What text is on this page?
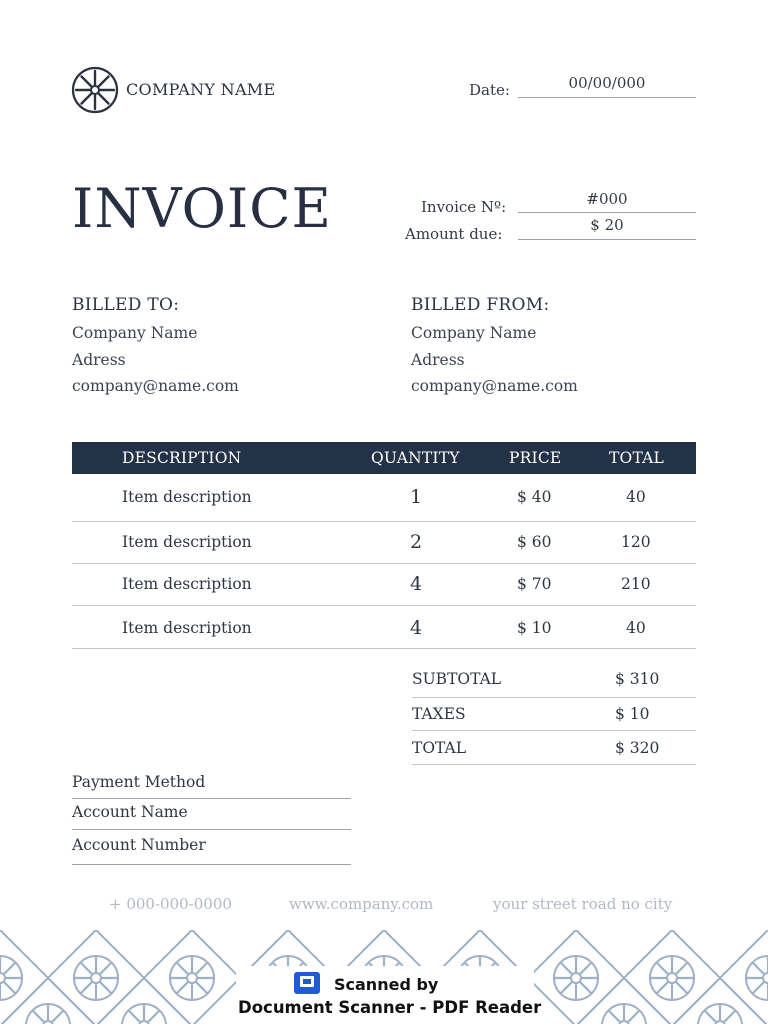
COMPANY NAME	Date:	00/00/000
INVOICE	Invoice Nº:	#000
Amount due:	$ 20
BILLED TO:
Company Name
Adress
company@name.com
BILLED FROM:
Company Name
Adress
company@name.com
DESCRIPTION	QUANTITY	PRICE	TOTAL
Item description	1	$ 40	40
Item description	2	$ 60	120
Item description	4	$ 70	210
Item description	4	$ 10	40
SUBTOTAL	$ 310
TAXES	$ 10
TOTAL	$ 320
Payment Method
Account Name
Account Number
+ 000-000-0000	www.company.com	your street road no city
Scanned by
Document Scanner - PDF Reader
